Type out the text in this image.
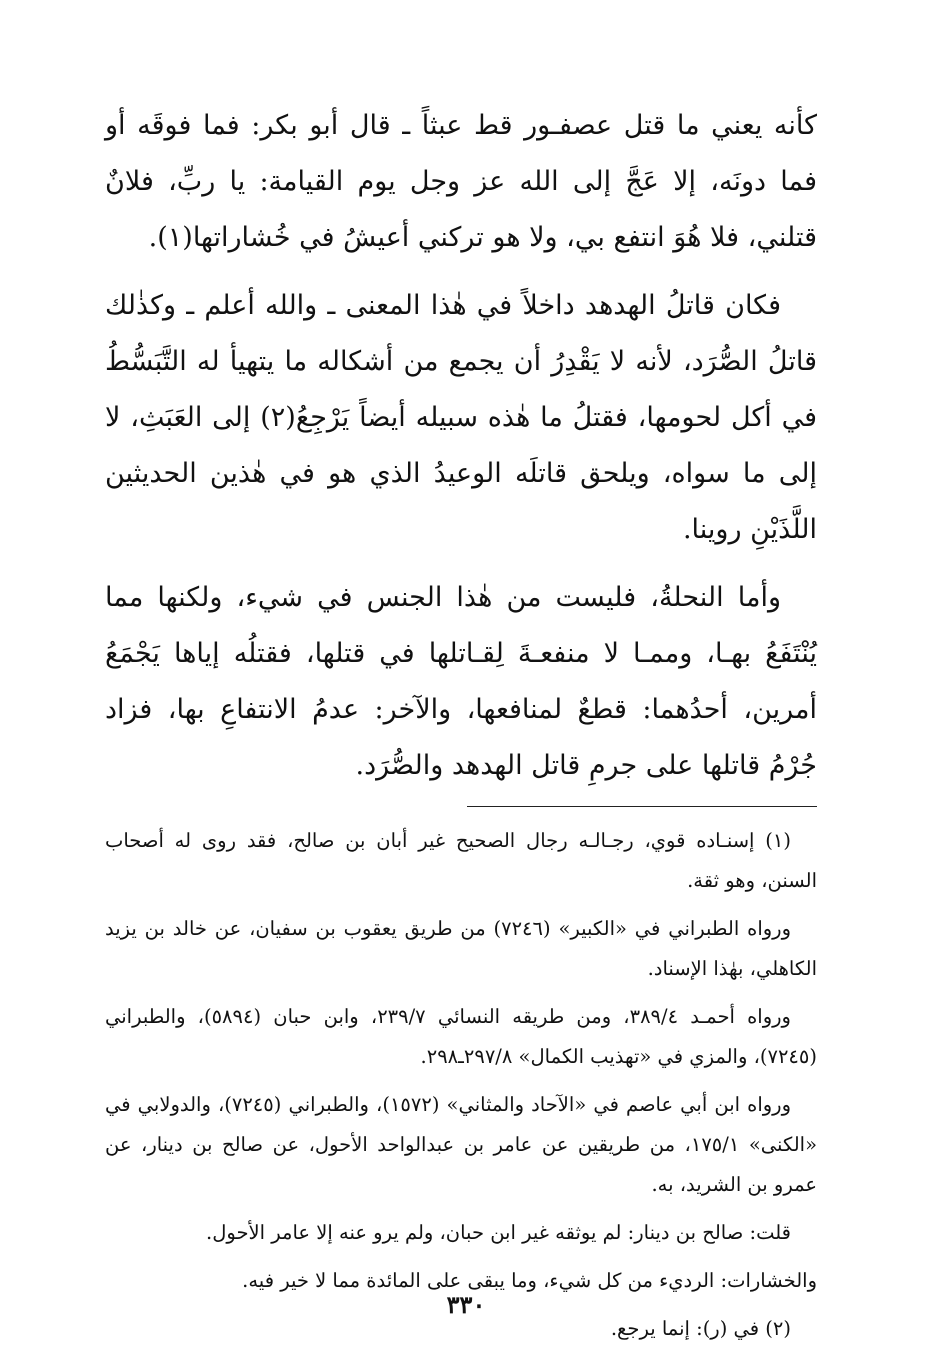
كأنه يعني ما قتل عصفـور قط عبثاً ـ قال أبو بكر: فما فوقَه أو فما دونَه، إلا عَجَّ إلى الله عز وجل يوم القيامة: يا ربِّ، فلانٌ قتلني، فلا هُوَ انتفع بي، ولا هو تركني أعيشُ في خُشاراتها(١).

فكان قاتلُ الهدهد داخلاً في هٰذا المعنى ـ والله أعلم ـ وكذٰلك قاتلُ الصُّرَد، لأنه لا يَقْدِرُ أن يجمع من أشكاله ما يتهيأ له التَّبَسُّطُ في أكل لحومها، فقتلُ ما هٰذه سبيله أيضاً يَرْجِعُ(٢) إلى العَبَثِ، لا إلى ما سواه، ويلحق قاتلَه الوعيدُ الذي هو في هٰذين الحديثين اللَّذَيْنِ روينا.

وأما النحلةُ، فليست من هٰذا الجنس في شيء، ولكنها مما يُنْتَفَعُ بهـا، وممـا لا منفعـةَ لِقـاتلها في قتلها، فقتلُه إياها يَجْمَعُ أمرين، أحدُهما: قطعٌ لمنافعها، والآخر: عدمُ الانتفاعِ بها، فزاد جُرْمُ قاتلها على جرمِ قاتل الهدهد والصُّرَد.

(١) إسنـاده قوي، رجـالـه رجال الصحيح غير أبان بن صالح، فقد روى له أصحاب السنن، وهو ثقة.

ورواه الطبراني في «الكبير» (٧٢٤٦) من طريق يعقوب بن سفيان، عن خالد بن يزيد الكاهلي، بهٰذا الإسناد.

ورواه أحمـد ٣٨٩/٤، ومن طريقه النسائي ٢٣٩/٧، وابن حبان (٥٨٩٤)، والطبراني (٧٢٤٥)، والمزي في «تهذيب الكمال» ٢٩٧/٨ـ٢٩٨.

ورواه ابن أبي عاصم في «الآحاد والمثاني» (١٥٧٢)، والطبراني (٧٢٤٥)، والدولابي في «الكنى» ١٧٥/١، من طريقين عن عامر بن عبدالواحد الأحول، عن صالح بن دينار، عن عمرو بن الشريد، به.

قلت: صالح بن دينار: لم يوثقه غير ابن حبان، ولم يرو عنه إلا عامر الأحول.

والخشارات: الرديء من كل شيء، وما يبقى على المائدة مما لا خير فيه.

(٢) في (ر): إنما يرجع.

٣٣٠
